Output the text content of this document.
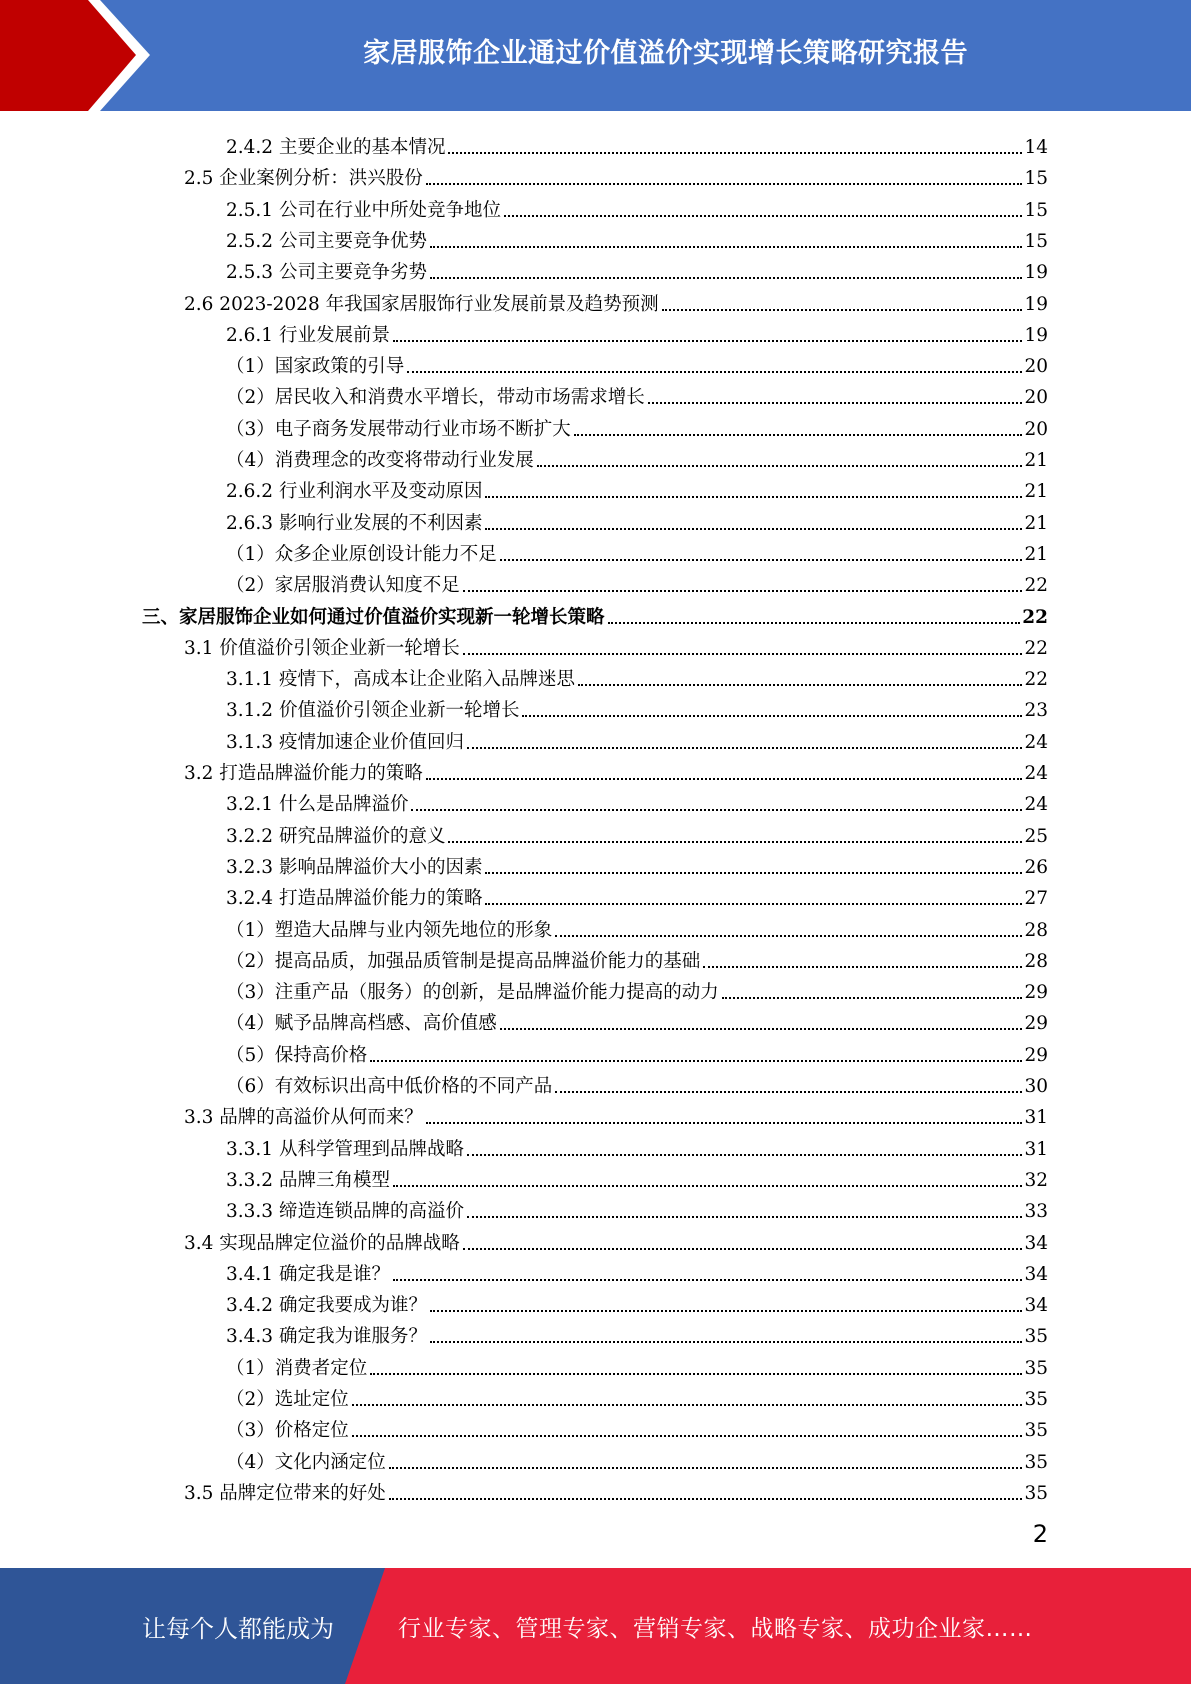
家居服饰企业通过价值溢价实现增长策略研究报告
2.4.2 主要企业的基本情况	14
2.5 企业案例分析：洪兴股份	15
2.5.1 公司在行业中所处竞争地位	15
2.5.2 公司主要竞争优势	15
2.5.3 公司主要竞争劣势	19
2.6 2023-2028 年我国家居服饰行业发展前景及趋势预测	19
2.6.1 行业发展前景	19
（1）国家政策的引导	20
（2）居民收入和消费水平增长，带动市场需求增长	20
（3）电子商务发展带动行业市场不断扩大	20
（4）消费理念的改变将带动行业发展	21
2.6.2 行业利润水平及变动原因	21
2.6.3 影响行业发展的不利因素	21
（1）众多企业原创设计能力不足	21
（2）家居服消费认知度不足	22
三、家居服饰企业如何通过价值溢价实现新一轮增长策略	22
3.1 价值溢价引领企业新一轮增长	22
3.1.1 疫情下，高成本让企业陷入品牌迷思	22
3.1.2 价值溢价引领企业新一轮增长	23
3.1.3 疫情加速企业价值回归	24
3.2 打造品牌溢价能力的策略	24
3.2.1 什么是品牌溢价	24
3.2.2 研究品牌溢价的意义	25
3.2.3 影响品牌溢价大小的因素	26
3.2.4 打造品牌溢价能力的策略	27
（1）塑造大品牌与业内领先地位的形象	28
（2）提高品质，加强品质管制是提高品牌溢价能力的基础	28
（3）注重产品（服务）的创新，是品牌溢价能力提高的动力	29
（4）赋予品牌高档感、高价值感	29
（5）保持高价格	29
（6）有效标识出高中低价格的不同产品	30
3.3 品牌的高溢价从何而来？	31
3.3.1 从科学管理到品牌战略	31
3.3.2 品牌三角模型	32
3.3.3 缔造连锁品牌的高溢价	33
3.4 实现品牌定位溢价的品牌战略	34
3.4.1 确定我是谁？	34
3.4.2 确定我要成为谁？	34
3.4.3 确定我为谁服务？	35
（1）消费者定位	35
（2）选址定位	35
（3）价格定位	35
（4）文化内涵定位	35
3.5 品牌定位带来的好处	35
2
让每个人都能成为	行业专家、管理专家、营销专家、战略专家、成功企业家……
